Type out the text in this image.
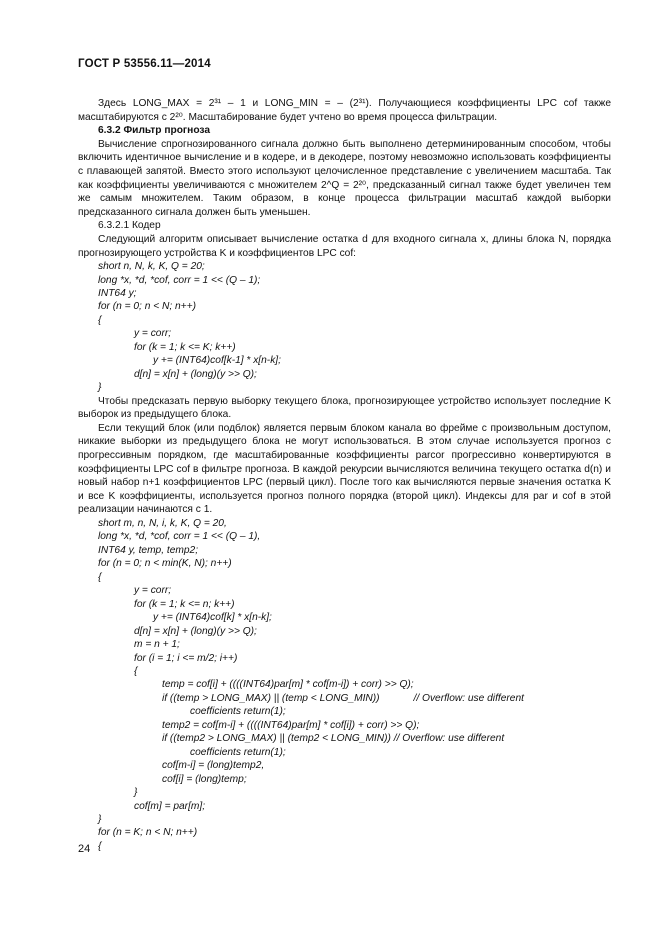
ГОСТ Р 53556.11—2014

Здесь LONG_MAX = 2³¹ – 1 и LONG_MIN = – (2³¹). Получающиеся коэффициенты LPC cof также масштабируются с 2²⁰. Масштабирование будет учтено во время процесса фильтрации.

6.3.2 Фильтр прогноза

Вычисление спрогнозированного сигнала должно быть выполнено детерминированным способом, чтобы включить идентичное вычисление и в кодере, и в декодере, поэтому невозможно использовать коэффициенты с плавающей запятой. Вместо этого используют целочисленное представление с увеличением масштаба. Так как коэффициенты увеличиваются с множителем 2^Q = 2²⁰, предсказанный сигнал также будет увеличен тем же самым множителем. Таким образом, в конце процесса фильтрации масштаб каждой выборки предсказанного сигнала должен быть уменьшен.

6.3.2.1 Кодер

Следующий алгоритм описывает вычисление остатка d для входного сигнала x, длины блока N, порядка прогнозирующего устройства K и коэффициентов LPC cof:

short n, N, k, K, Q = 20;
long *x, *d, *cof, corr = 1 << (Q – 1);
INT64 y;
for (n = 0; n < N; n++)
{
y = corr;
for (k = 1; k <= K; k++)
y += (INT64)cof[k-1] * x[n-k];
d[n] = x[n] + (long)(y >> Q);
}

Чтобы предсказать первую выборку текущего блока, прогнозирующее устройство использует последние K выборок из предыдущего блока.

Если текущий блок (или подблок) является первым блоком канала во фрейме с произвольным доступом, никакие выборки из предыдущего блока не могут использоваться. В этом случае используется прогноз с прогрессивным порядком, где масштабированные коэффициенты parcor прогрессивно конвертируются в коэффициенты LPC cof в фильтре прогноза. В каждой рекурсии вычисляются величина текущего остатка d(n) и новый набор n+1 коэффициентов LPC (первый цикл). После того как вычисляются первые значения остатка K и все K коэффициенты, используется прогноз полного порядка (второй цикл). Индексы для par и cof в этой реализации начинаются с 1.

short m, n, N, i, k, K, Q = 20,
long *x, *d, *cof, corr = 1 << (Q – 1),
INT64 y, temp, temp2;
for (n = 0; n < min(K, N); n++)
{
y = corr;
for (k = 1; k <= n; k++)
y += (INT64)cof[k] * x[n-k];
d[n] = x[n] + (long)(y >> Q);
m = n + 1;
for (i = 1; i <= m/2; i++)
{
temp = cof[i] + ((((INT64)par[m] * cof[m-i]) + corr) >> Q);
if ((temp > LONG_MAX) || (temp < LONG_MIN))            // Overflow: use different
coefficients return(1);
temp2 = cof[m-i] + ((((INT64)par[m] * cof[i]) + corr) >> Q);
if ((temp2 > LONG_MAX) || (temp2 < LONG_MIN)) // Overflow: use different
coefficients return(1);
cof[m-i] = (long)temp2,
cof[i] = (long)temp;
}
cof[m] = par[m];
}
for (n = K; n < N; n++)
{
24
